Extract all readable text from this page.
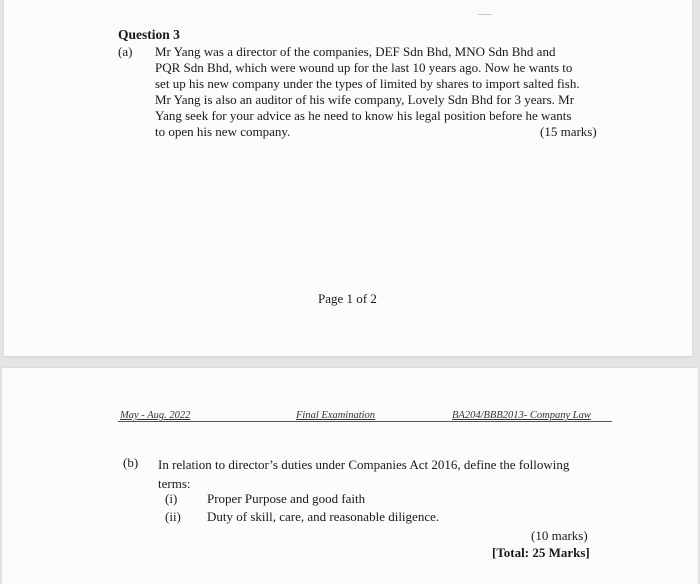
Question 3
(a) Mr Yang was a director of the companies, DEF Sdn Bhd, MNO Sdn Bhd and
PQR Sdn Bhd, which were wound up for the last 10 years ago. Now he wants to
set up his new company under the types of limited by shares to import salted fish.
Mr Yang is also an auditor of his wife company, Lovely Sdn Bhd for 3 years. Mr
Yang seek for your advice as he need to know his legal position before he wants
to open his new company.	(15 marks)
Page 1 of 2
May - Aug. 2022	Final Examination	BA204/BBB2013- Company Law
(b) In relation to director’s duties under Companies Act 2016, define the following
terms:
(i) Proper Purpose and good faith
(ii) Duty of skill, care, and reasonable diligence.
(10 marks)
[Total: 25 Marks]
